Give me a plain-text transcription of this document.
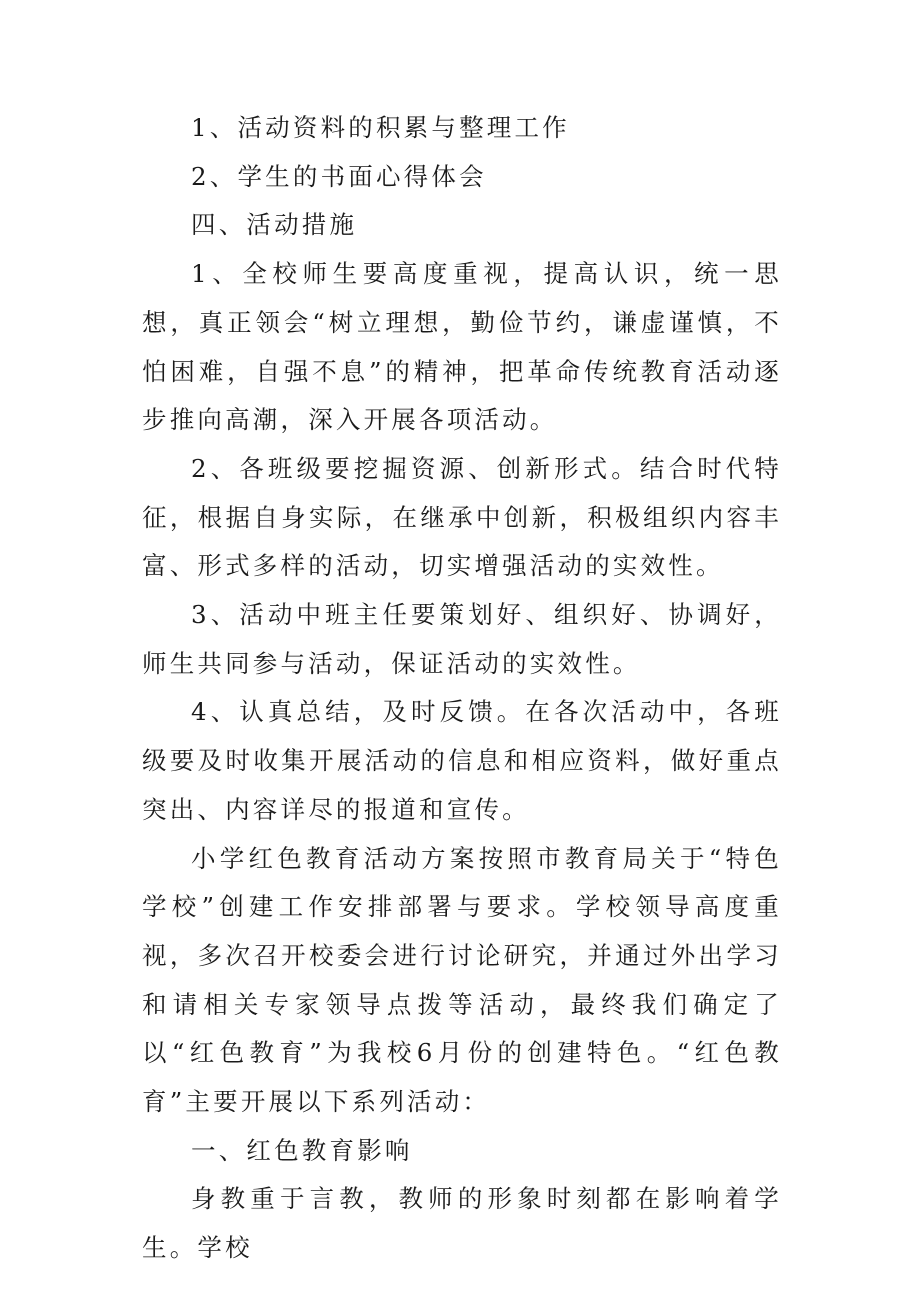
1、活动资料的积累与整理工作

2、学生的书面心得体会

四、活动措施

1、全校师生要高度重视，提高认识，统一思想，真正领会“树立理想，勤俭节约，谦虚谨慎，不怕困难，自强不息”的精神，把革命传统教育活动逐步推向高潮，深入开展各项活动。

2、各班级要挖掘资源、创新形式。结合时代特征，根据自身实际，在继承中创新，积极组织内容丰富、形式多样的活动，切实增强活动的实效性。

3、活动中班主任要策划好、组织好、协调好，师生共同参与活动，保证活动的实效性。

4、认真总结，及时反馈。在各次活动中，各班级要及时收集开展活动的信息和相应资料，做好重点突出、内容详尽的报道和宣传。

小学红色教育活动方案按照市教育局关于“特色学校”创建工作安排部署与要求。学校领导高度重视，多次召开校委会进行讨论研究，并通过外出学习和请相关专家领导点拨等活动，最终我们确定了以“红色教育”为我校6月份的创建特色。“红色教育”主要开展以下系列活动：

一、红色教育影响

身教重于言教，教师的形象时刻都在影响着学生。学校
